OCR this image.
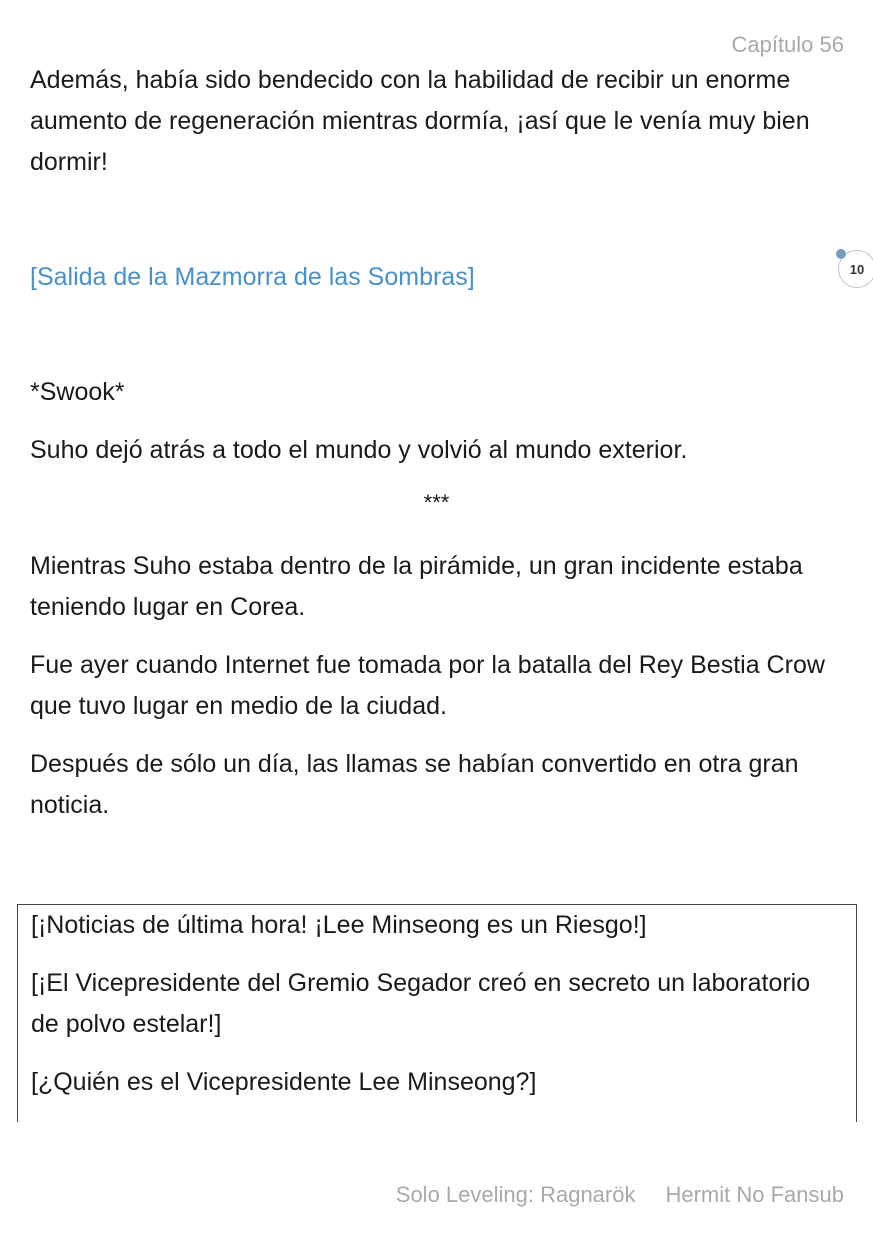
Capítulo 56

Además, había sido bendecido con la habilidad de recibir un enorme aumento de regeneración mientras dormía, ¡así que le venía muy bien dormir!

[Salida de la Mazmorra de las Sombras]	10

*Swook*

Suho dejó atrás a todo el mundo y volvió al mundo exterior.

***

Mientras Suho estaba dentro de la pirámide, un gran incidente estaba teniendo lugar en Corea.

Fue ayer cuando Internet fue tomada por la batalla del Rey Bestia Crow que tuvo lugar en medio de la ciudad.

Después de sólo un día, las llamas se habían convertido en otra gran noticia.

[¡Noticias de última hora! ¡Lee Minseong es un Riesgo!]

[¡El Vicepresidente del Gremio Segador creó en secreto un laboratorio de polvo estelar!]

[¿Quién es el Vicepresidente Lee Minseong?]

Solo Leveling: Ragnarök Hermit No Fansub
